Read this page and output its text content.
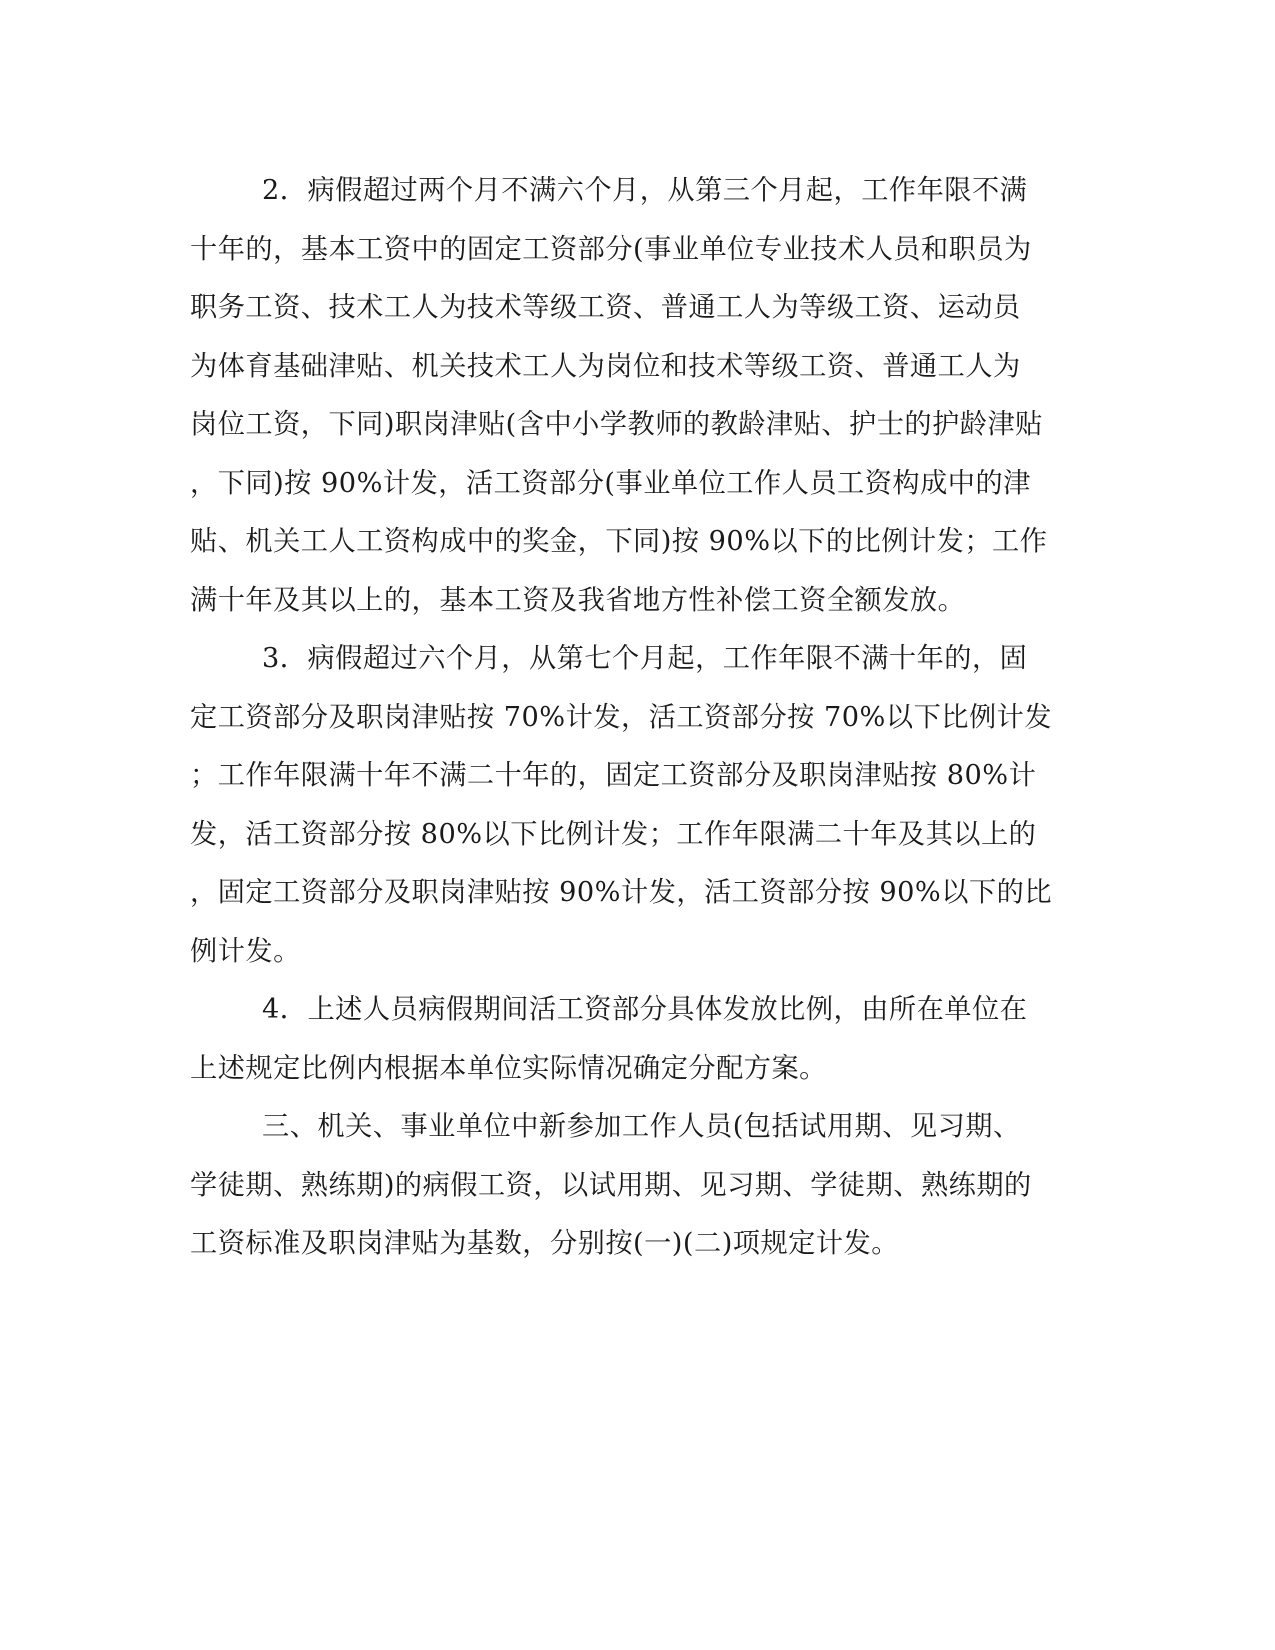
2．病假超过两个月不满六个月，从第三个月起，工作年限不满
十年的，基本工资中的固定工资部分(事业单位专业技术人员和职员为
职务工资、技术工人为技术等级工资、普通工人为等级工资、运动员
为体育基础津贴、机关技术工人为岗位和技术等级工资、普通工人为
岗位工资，下同)职岗津贴(含中小学教师的教龄津贴、护士的护龄津贴
，下同)按 90%计发，活工资部分(事业单位工作人员工资构成中的津
贴、机关工人工资构成中的奖金，下同)按 90%以下的比例计发；工作
满十年及其以上的，基本工资及我省地方性补偿工资全额发放。
3．病假超过六个月，从第七个月起，工作年限不满十年的，固
定工资部分及职岗津贴按 70%计发，活工资部分按 70%以下比例计发
；工作年限满十年不满二十年的，固定工资部分及职岗津贴按 80%计
发，活工资部分按 80%以下比例计发；工作年限满二十年及其以上的
，固定工资部分及职岗津贴按 90%计发，活工资部分按 90%以下的比
例计发。
4．上述人员病假期间活工资部分具体发放比例，由所在单位在
上述规定比例内根据本单位实际情况确定分配方案。
三、机关、事业单位中新参加工作人员(包括试用期、见习期、
学徒期、熟练期)的病假工资，以试用期、见习期、学徒期、熟练期的
工资标准及职岗津贴为基数，分别按(一)(二)项规定计发。
